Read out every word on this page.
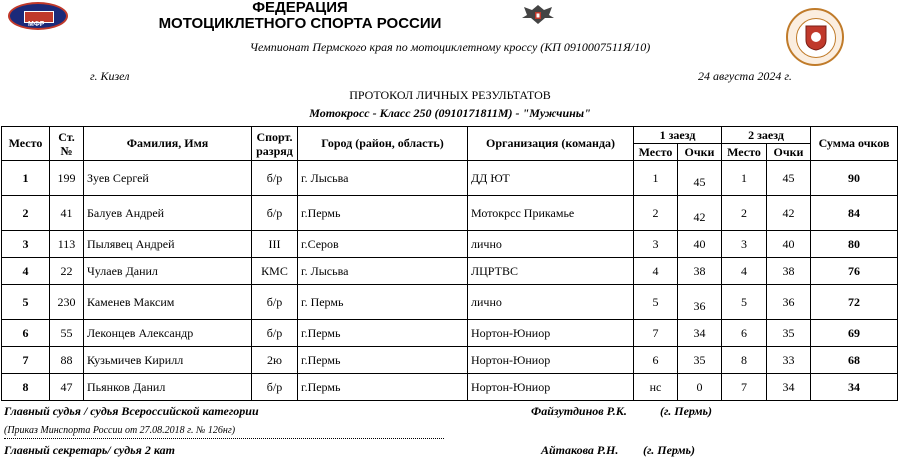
МФР
ФЕДЕРАЦИЯ
МОТОЦИКЛЕТНОГО СПОРТА РОССИИ
Чемпионат Пермского края по мотоциклетному кроссу (КП 0910007511Я/10)
г. Кизел	24 августа 2024 г.
ПРОТОКОЛ ЛИЧНЫХ РЕЗУЛЬТАТОВ
Мотокросс - Класс 250 (0910171811М) - "Мужчины"
Место	Ст. №	Фамилия, Имя	Спорт. разряд	Город (район, область)	Организация (команда)	1 заезд		2 заезд		Сумма очков
						Место	Очки	Место	Очки	
1	199	Зуев Сергей	б/р	г. Лысьва	ДД ЮТ	1	45	1	45	90
2	41	Балуев Андрей	б/р	г.Пермь	Мотокрсс Прикамье	2	42	2	42	84
3	113	Пылявец Андрей	III	г.Серов	лично	3	40	3	40	80
4	22	Чулаев Данил	КМС	г. Лысьва	ЛЦРТВС	4	38	4	38	76
5	230	Каменев Максим	б/р	г. Пермь	лично	5	36	5	36	72
6	55	Леконцев Александр	б/р	г.Пермь	Нортон-Юниор	7	34	6	35	69
7	88	Кузьмичев Кирилл	2ю	г.Пермь	Нортон-Юниор	6	35	8	33	68
8	47	Пьянков Данил	б/р	г.Пермь	Нортон-Юниор	нс	0	7	34	34
Главный судья / судья Всероссийской категории	Файзутдинов Р.К.	(г. Пермь)
(Приказ Минспорта России от 27.08.2018 г. № 126нг)
Главный секретарь/ судья 2 кат	Айтакова Р.Н. (г. Пермь)
